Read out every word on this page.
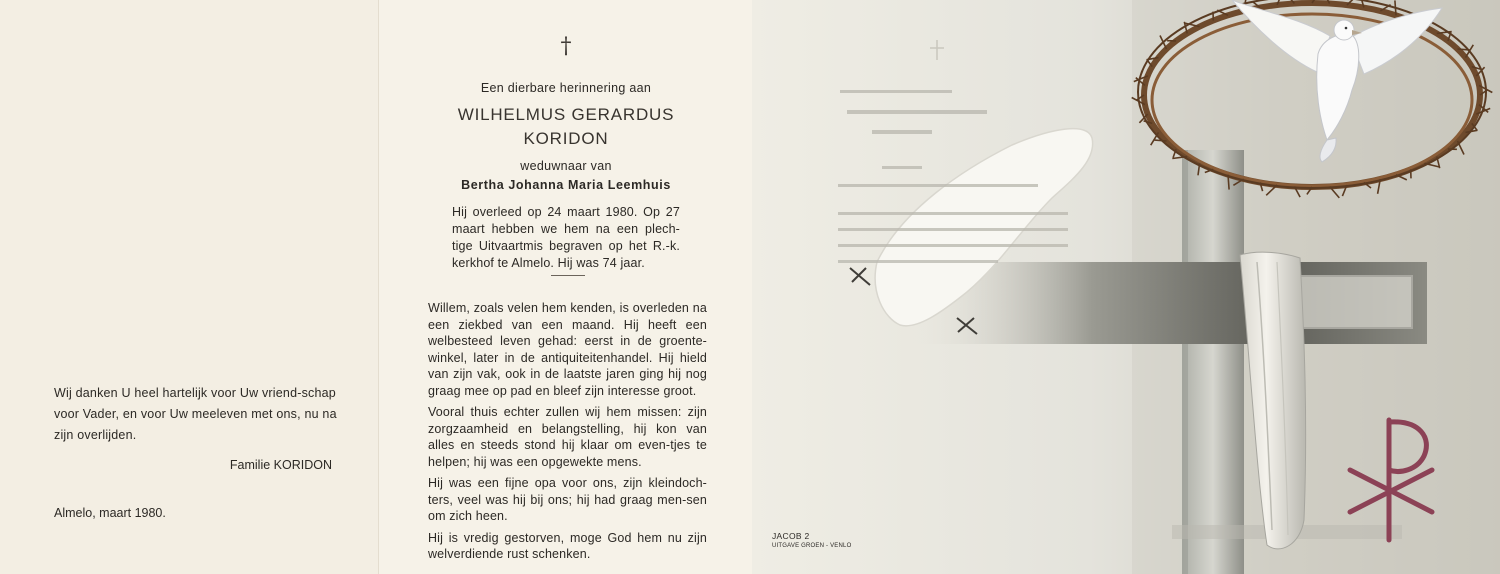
Wij danken U heel hartelijk voor Uw vriend-schap voor Vader, en voor Uw meeleven met ons, nu na zijn overlijden.
Familie KORIDON
Almelo, maart 1980.
†
Een dierbare herinnering aan
WILHELMUS GERARDUS
KORIDON
weduwnaar van
Bertha Johanna Maria Leemhuis
Hij overleed op 24 maart 1980. Op 27 maart hebben we hem na een plech-tige Uitvaartmis begraven op het R.-k. kerkhof te Almelo. Hij was 74 jaar.

Willem, zoals velen hem kenden, is overleden na een ziekbed van een maand. Hij heeft een welbesteed leven gehad: eerst in de groente-winkel, later in de antiquiteitenhandel. Hij hield van zijn vak, ook in de laatste jaren ging hij nog graag mee op pad en bleef zijn interesse groot.

Vooral thuis echter zullen wij hem missen: zijn zorgzaamheid en belangstelling, hij kon van alles en steeds stond hij klaar om even-tjes te helpen; hij was een opgewekte mens.

Hij was een fijne opa voor ons, zijn kleindoch-ters, veel was hij bij ons; hij had graag men-sen om zich heen.

Hij is vredig gestorven, moge God hem nu zijn welverdiende rust schenken.

JACOB 2
UITGAVE GROEN - VENLO
